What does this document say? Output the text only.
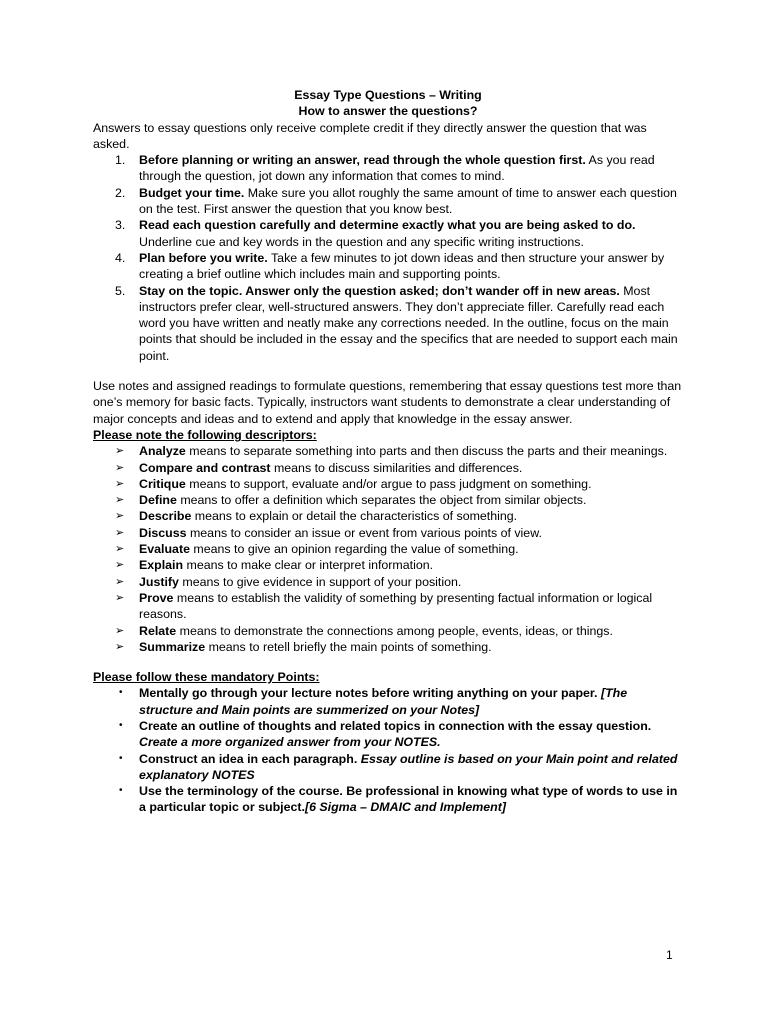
Essay Type Questions – Writing

How to answer the questions?

Answers to essay questions only receive complete credit if they directly answer the question that was asked.

1. Before planning or writing an answer, read through the whole question first. As you read through the question, jot down any information that comes to mind.
2. Budget your time. Make sure you allot roughly the same amount of time to answer each question on the test. First answer the question that you know best.
3. Read each question carefully and determine exactly what you are being asked to do. Underline cue and key words in the question and any specific writing instructions.
4. Plan before you write. Take a few minutes to jot down ideas and then structure your answer by creating a brief outline which includes main and supporting points.
5. Stay on the topic. Answer only the question asked; don’t wander off in new areas. Most instructors prefer clear, well-structured answers. They don’t appreciate filler. Carefully read each word you have written and neatly make any corrections needed. In the outline, focus on the main points that should be included in the essay and the specifics that are needed to support each main point.

Use notes and assigned readings to formulate questions, remembering that essay questions test more than one’s memory for basic facts. Typically, instructors want students to demonstrate a clear understanding of major concepts and ideas and to extend and apply that knowledge in the essay answer.

Please note the following descriptors:

➢ Analyze means to separate something into parts and then discuss the parts and their meanings.
➢ Compare and contrast means to discuss similarities and differences.
➢ Critique means to support, evaluate and/or argue to pass judgment on something.
➢ Define means to offer a definition which separates the object from similar objects.
➢ Describe means to explain or detail the characteristics of something.
➢ Discuss means to consider an issue or event from various points of view.
➢ Evaluate means to give an opinion regarding the value of something.
➢ Explain means to make clear or interpret information.
➢ Justify means to give evidence in support of your position.
➢ Prove means to establish the validity of something by presenting factual information or logical reasons.
➢ Relate means to demonstrate the connections among people, events, ideas, or things.
➢ Summarize means to retell briefly the main points of something.

Please follow these mandatory Points:

• Mentally go through your lecture notes before writing anything on your paper. [The structure and Main points are summerized on your Notes]
• Create an outline of thoughts and related topics in connection with the essay question. Create a more organized answer from your NOTES.
• Construct an idea in each paragraph. Essay outline is based on your Main point and related explanatory NOTES
• Use the terminology of the course. Be professional in knowing what type of words to use in a particular topic or subject.[6 Sigma – DMAIC and Implement]
1
